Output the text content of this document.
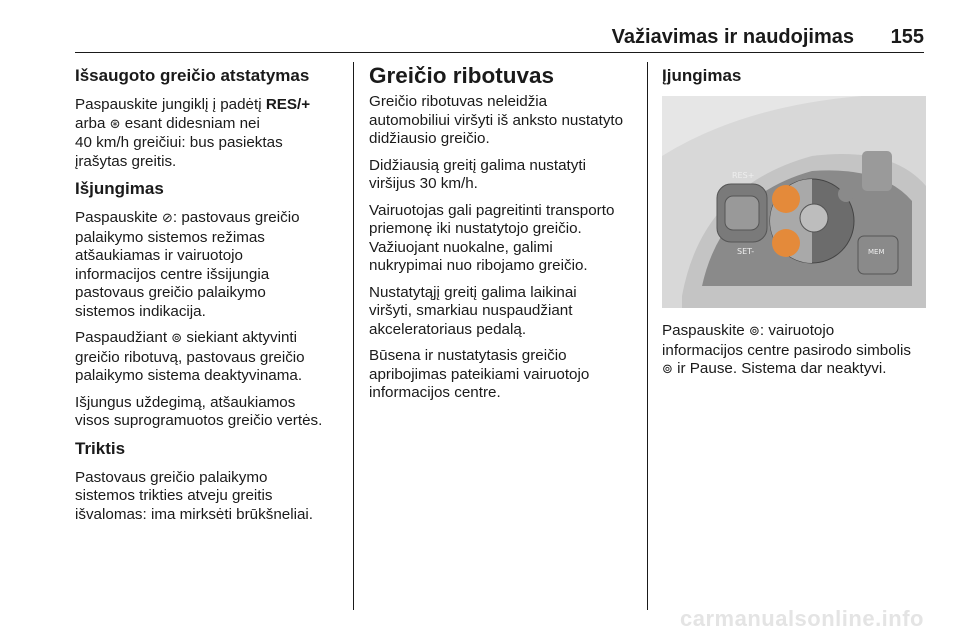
Važiavimas ir naudojimas 155
Išsaugoto greičio atstatymas

Paspauskite jungiklį į padėtį RES/+
arba ⊛ esant didesniam nei
40 km/h greičiui: bus pasiektas
įrašytas greitis.

Išjungimas

Paspauskite ⊘: pastovaus greičio
palaikymo sistemos režimas
atšaukiamas ir vairuotojo
informacijos centre išsijungia
pastovaus greičio palaikymo
sistemos indikacija.

Paspaudžiant ⊚ siekiant aktyvinti
greičio ribotuvą, pastovaus greičio
palaikymo sistema deaktyvinama.

Išjungus uždegimą, atšaukiamos
visos suprogramuotos greičio vertės.

Triktis

Pastovaus greičio palaikymo
sistemos trikties atveju greitis
išvalomas: ima mirksėti brūkšneliai.

Greičio ribotuvas

Greičio ribotuvas neleidžia
automobiliui viršyti iš anksto nustatyto
didžiausio greičio.

Didžiausią greitį galima nustatyti
viršijus 30 km/h.

Vairuotojas gali pagreitinti transporto
priemonę iki nustatytojo greičio.
Važiuojant nuokalne, galimi
nukrypimai nuo ribojamo greičio.

Nustatytąjį greitį galima laikinai
viršyti, smarkiau nuspaudžiant
akceleratoriaus pedalą.

Būsena ir nustatytasis greičio
apribojimas pateikiami vairuotojo
informacijos centre.

Įjungimas
RES+
SET-	MEM

Paspauskite ⊚: vairuotojo
informacijos centre pasirodo simbolis
⊚ ir Pause. Sistema dar neaktyvi.

carmanualsonline.info
